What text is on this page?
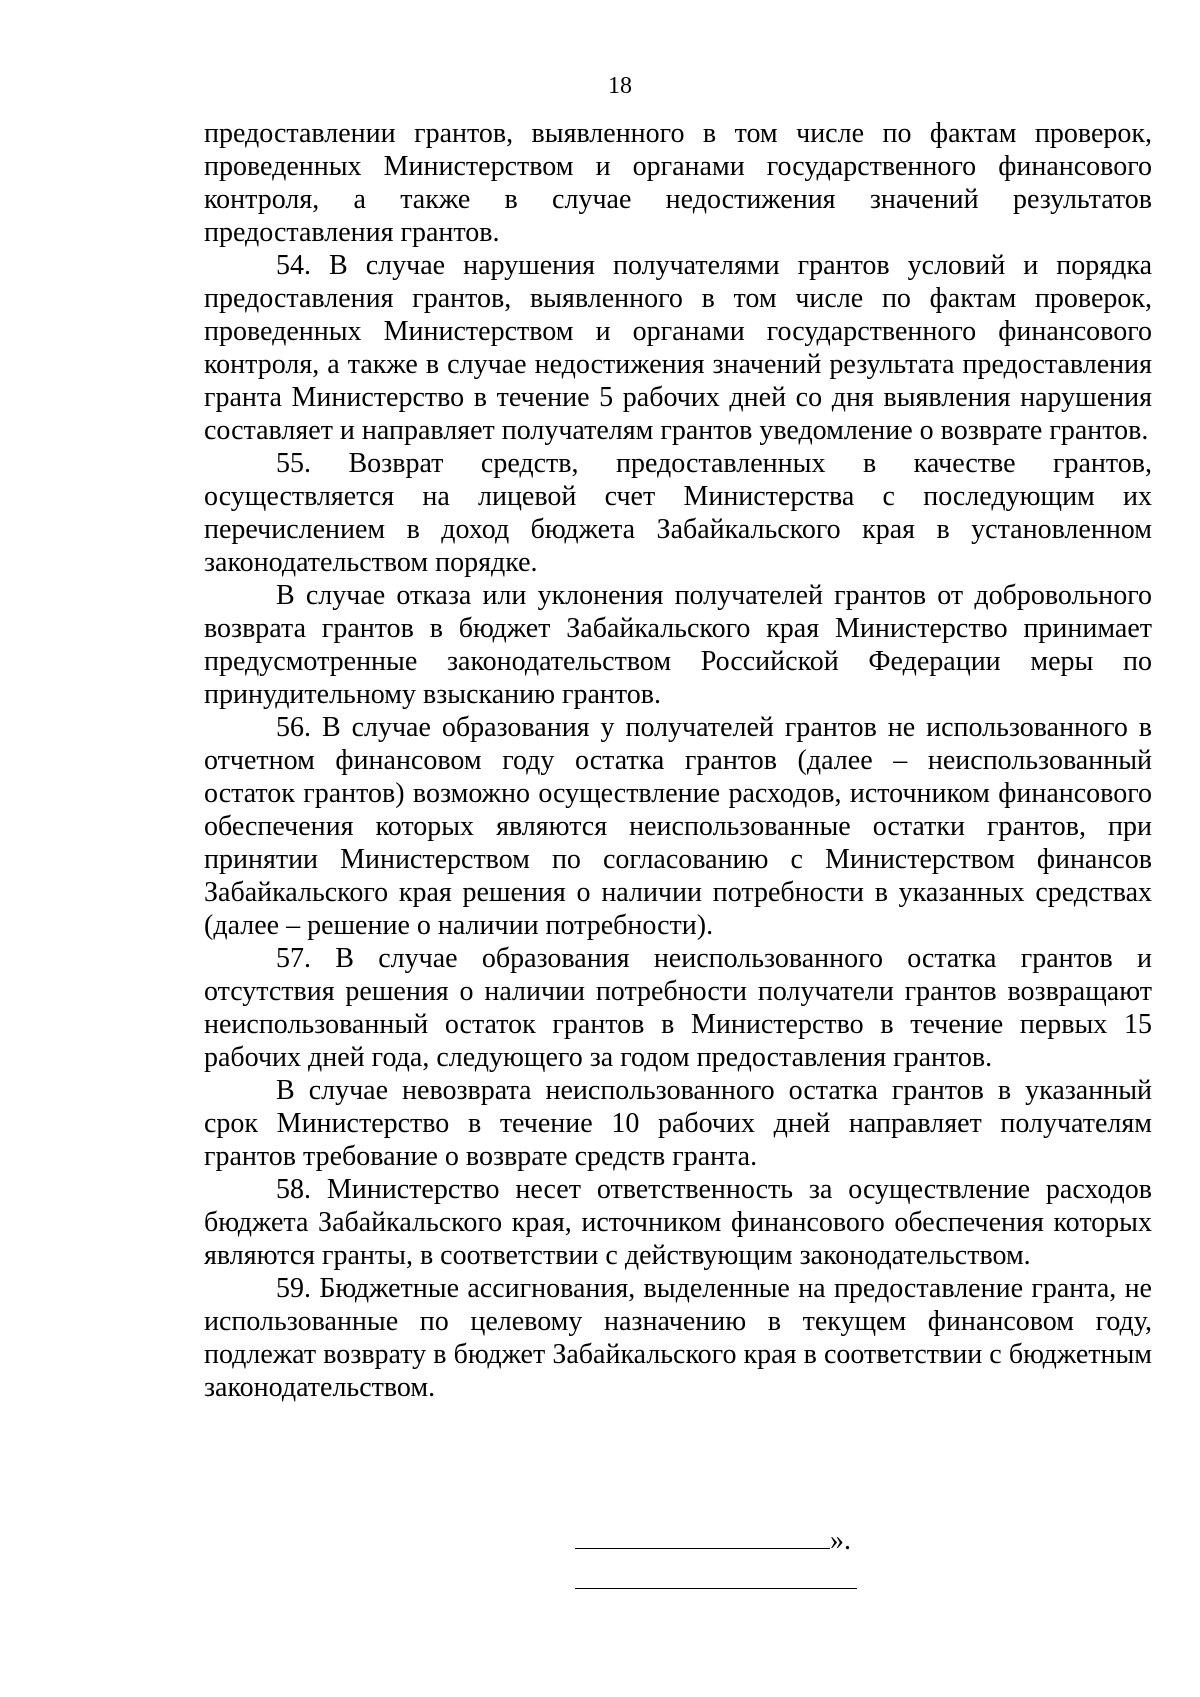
18

предоставлении грантов, выявленного в том числе по фактам проверок, проведенных Министерством и органами государственного финансового контроля, а также в случае недостижения значений результатов предоставления грантов.

54. В случае нарушения получателями грантов условий и порядка предоставления грантов, выявленного в том числе по фактам проверок, проведенных Министерством и органами государственного финансового контроля, а также в случае недостижения значений результата предоставления гранта Министерство в течение 5 рабочих дней со дня выявления нарушения составляет и направляет получателям грантов уведомление о возврате грантов.

55. Возврат средств, предоставленных в качестве грантов, осуществляется на лицевой счет Министерства с последующим их перечислением в доход бюджета Забайкальского края в установленном законодательством порядке.

В случае отказа или уклонения получателей грантов от добровольного возврата грантов в бюджет Забайкальского края Министерство принимает предусмотренные законодательством Российской Федерации меры по принудительному взысканию грантов.

56. В случае образования у получателей грантов не использованного в отчетном финансовом году остатка грантов (далее – неиспользованный остаток грантов) возможно осуществление расходов, источником финансового обеспечения которых являются неиспользованные остатки грантов, при принятии Министерством по согласованию с Министерством финансов Забайкальского края решения о наличии потребности в указанных средствах (далее – решение о наличии потребности).

57. В случае образования неиспользованного остатка грантов и отсутствия решения о наличии потребности получатели грантов возвращают неиспользованный остаток грантов в Министерство в течение первых 15 рабочих дней года, следующего за годом предоставления грантов.

В случае невозврата неиспользованного остатка грантов в указанный срок Министерство в течение 10 рабочих дней направляет получателям грантов требование о возврате средств гранта.

58. Министерство несет ответственность за осуществление расходов бюджета Забайкальского края, источником финансового обеспечения которых являются гранты, в соответствии с действующим законодательством.

59. Бюджетные ассигнования, выделенные на предоставление гранта, не использованные по целевому назначению в текущем финансовом году, подлежат возврату в бюджет Забайкальского края в соответствии с бюджетным законодательством.

».
